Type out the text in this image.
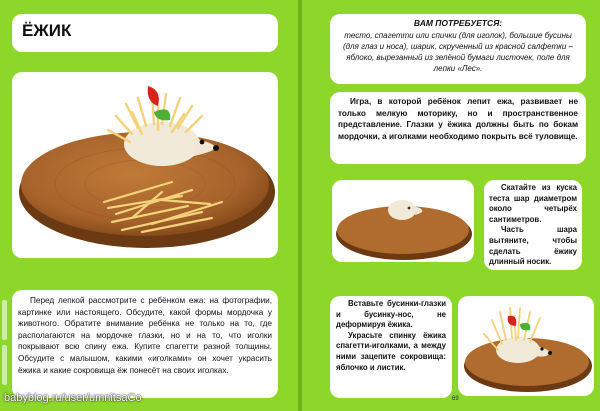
ЁЖИК

Перед лепкой рассмотрите с ребёнком ежа: на фотографии, картинке или настоящего. Обсудите, какой формы мордочка у животного. Обратите внимание ребёнка не только на то, где располагаются на мордочке глазки, но и на то, что иголки покрывают всю спину ежа. Купите спагетти разной толщины. Обсудите с малышом, какими «иголками» он хочет украсить ёжика и какие сокровища ёж понесёт на своих иголках.

babyblog.ru/user/umnitsaCo

ВАМ ПОТРЕБУЕТСЯ:

тесто, спагетти или спички (для иголок), большие бусины (для глаз и носа), шарик, скрученный из красной салфетки – яблоко, вырезанный из зелёной бумаги листочек, поле для лепки «Лес».

Игра, в которой ребёнок лепит ежа, развивает не только мелкую моторику, но и пространственное представление. Глазки у ёжика должны быть по бокам мордочки, а иголками необходимо покрыть всё туловище.

Скатайте из куска теста шар диаметром около четырёх сантиметров.

Часть шара вытяните, чтобы сделать ёжику длинный носик.

Вставьте бусинки-глазки и бусинку-нос, не деформируя ёжика.

Украсьте спинку ёжика спагетти-иголками, а между ними зацепите сокровища: яблочко и листик.

69
